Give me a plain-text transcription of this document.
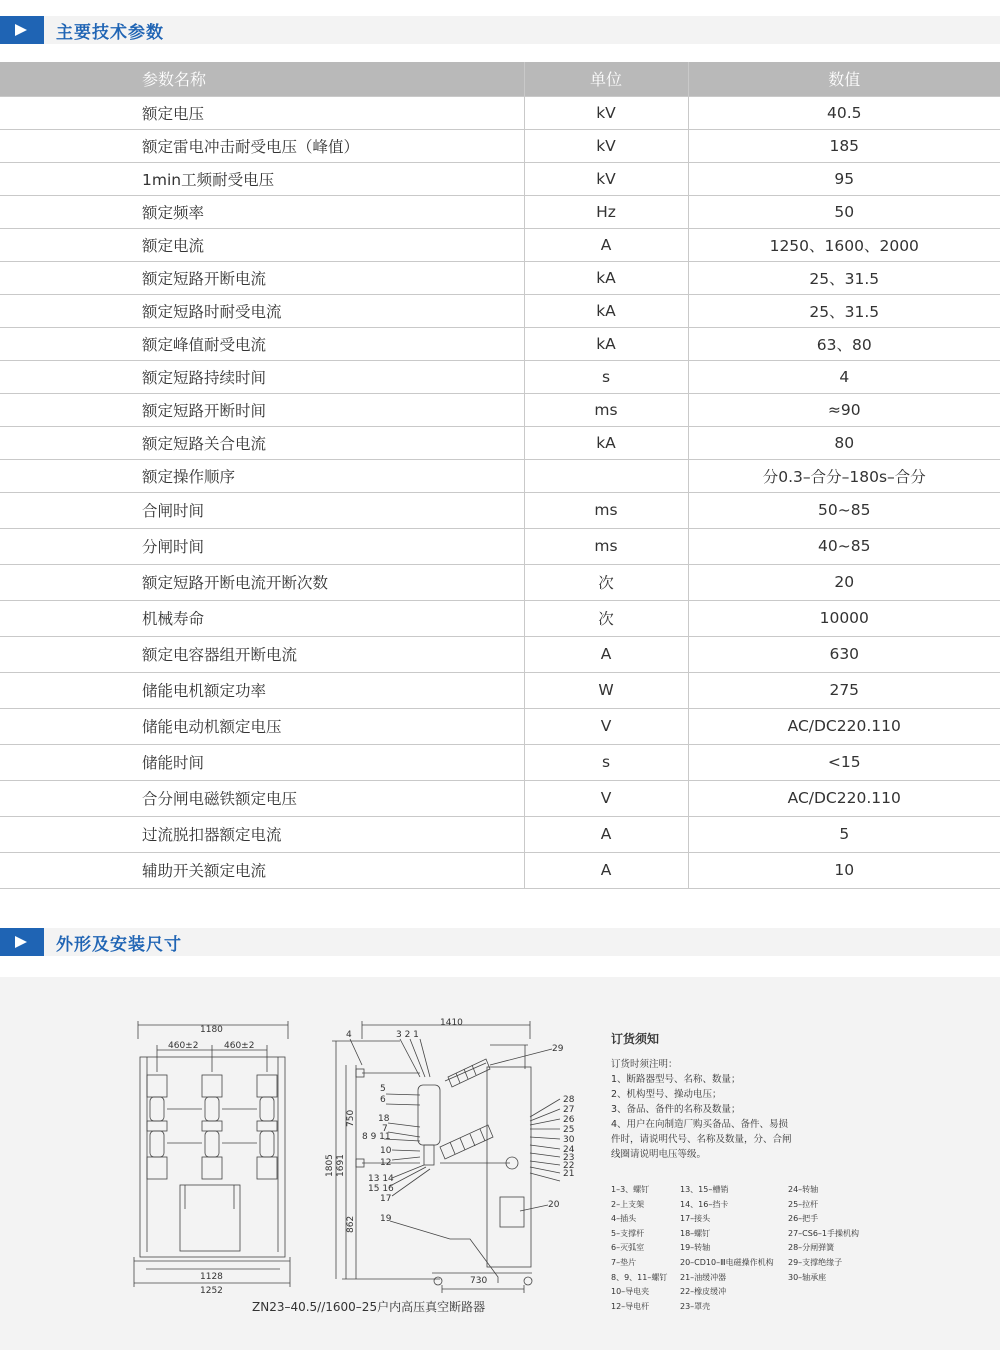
主要技术参数
参数名称	单位	数值
额定电压	kV	40.5
额定雷电冲击耐受电压（峰值）	kV	185
1min工频耐受电压	kV	95
额定频率	Hz	50
额定电流	A	1250、1600、2000
额定短路开断电流	kA	25、31.5
额定短路时耐受电流	kA	25、31.5
额定峰值耐受电流	kA	63、80
额定短路持续时间	s	4
额定短路开断时间	ms	≈90
额定短路关合电流	kA	80
额定操作顺序		分0.3–合分–180s–合分
合闸时间	ms	50~85
分闸时间	ms	40~85
额定短路开断电流开断次数	次	20
机械寿命	次	10000
额定电容器组开断电流	A	630
储能电机额定功率	W	275
储能电动机额定电压	V	AC/DC220.110
储能时间	s	<15
合分闸电磁铁额定电压	V	AC/DC220.110
过流脱扣器额定电流	A	5
辅助开关额定电流	A	10
外形及安装尺寸
1180
460±2	460±2
1128
1252
1410
730
1805 1691
750
862
4	3 2 1
5
6
18
7
8 9 11
10
12
13 14
15 16
17
19
29
28
27
26
25
30
24
23
22
21
20
订货须知
订货时须注明：
1、断路器型号、名称、数量；
2、机构型号、操动电压；
3、备品、备件的名称及数量；
4、用户在向制造厂购买备品、备件、易损
件时，请说明代号、名称及数量，分、合闸
线圈请说明电压等级。
1–3、螺钉
2–上支架
4–插头
5–支撑杆
6–灭弧室
7–垫片
8、9、11–螺钉
10–导电夹
12–导电杆
13、15–槽销
14、16–挡卡
17–接头
18–螺钉
19–转轴
20–CD10–Ⅲ电磁操作机构
21–油缓冲器
22–橡皮缓冲
23–罩壳
24–转轴
25–拉杆
26–把手
27–CS6–1手操机构
28–分闸弹簧
29–支撑绝缘子
30–轴承座
ZN23–40.5//1600–25户内高压真空断路器
